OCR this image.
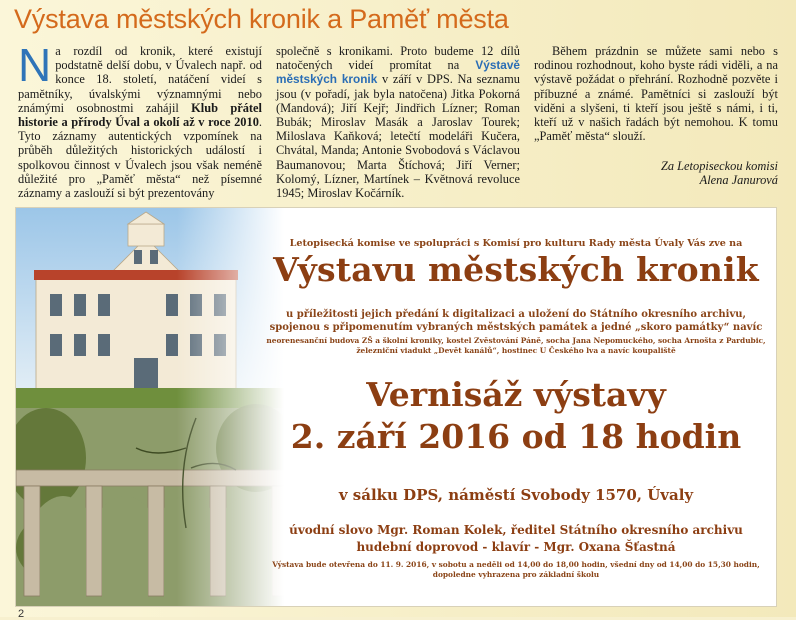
Výstava městských kronik a Paměť města
Na rozdíl od kronik, které existují podstatně delší dobu, v Úvalech např. od konce 18. století, natáčení videí s pamětníky, úvalskými významnými nebo známými osobnostmi zahájil Klub přátel historie a přírody Úval a okolí až v roce 2010. Tyto záznamy autentických vzpomínek na průběh důležitých historických událostí i spolkovou činnost v Úvalech jsou však neméně důležité pro „Paměť města“ než písemné záznamy a zaslouží si být prezentovány
společně s kronikami. Proto budeme 12 dílů natočených videí promítat na Výstavě městských kronik v září v DPS. Na seznamu jsou (v pořadí, jak byla natočena) Jitka Pokorná (Mandová); Jiří Kejř; Jindřich Lízner; Roman Bubák; Miroslav Masák a Jaroslav Tourek; Miloslava Kaňková; letečtí modeláři Kučera, Chvátal, Manda; Antonie Svobodová s Václavou Baumanovou; Marta Štíchová; Jiří Verner; Kolomý, Lízner, Martínek – Květnová revoluce 1945; Miroslav Kočárník.

Během prázdnin se můžete sami nebo s rodinou rozhodnout, koho byste rádi viděli, a na výstavě požádat o přehrání. Rozhodně pozvěte i příbuzné a známé. Pamětníci si zaslouží být viděni a slyšeni, ti kteří jsou ještě s námi, i ti, kteří už v našich řadách být nemohou. K tomu „Paměť města“ slouží.

Za Letopiseckou komisi
Alena Janurová
Letopisecká komise ve spolupráci s Komisí pro kulturu Rady města Úvaly Vás zve na
Výstavu městských kronik
u příležitosti jejich předání k digitalizaci a uložení do Státního okresního archivu,
spojenou s připomenutím vybraných městských památek a jedné „skoro památky“ navíc
neorenesanční budova ZŠ a školní kroniky, kostel Zvěstování Páně, socha Jana Nepomuckého, socha Arnošta z Pardubic,
železniční viadukt „Devět kanálů“, hostinec U Českého lva a navíc koupaliště
Vernisáž výstavy
2. září 2016 od 18 hodin
v sálku DPS, náměstí Svobody 1570, Úvaly
úvodní slovo Mgr. Roman Kolek, ředitel Státního okresního archivu
hudební doprovod - klavír - Mgr. Oxana Šťastná
Výstava bude otevřena do 11. 9. 2016, v sobotu a neděli od 14,00 do 18,00 hodin, všední dny od 14,00 do 15,30 hodin,
dopoledne vyhrazena pro základní školu
2
